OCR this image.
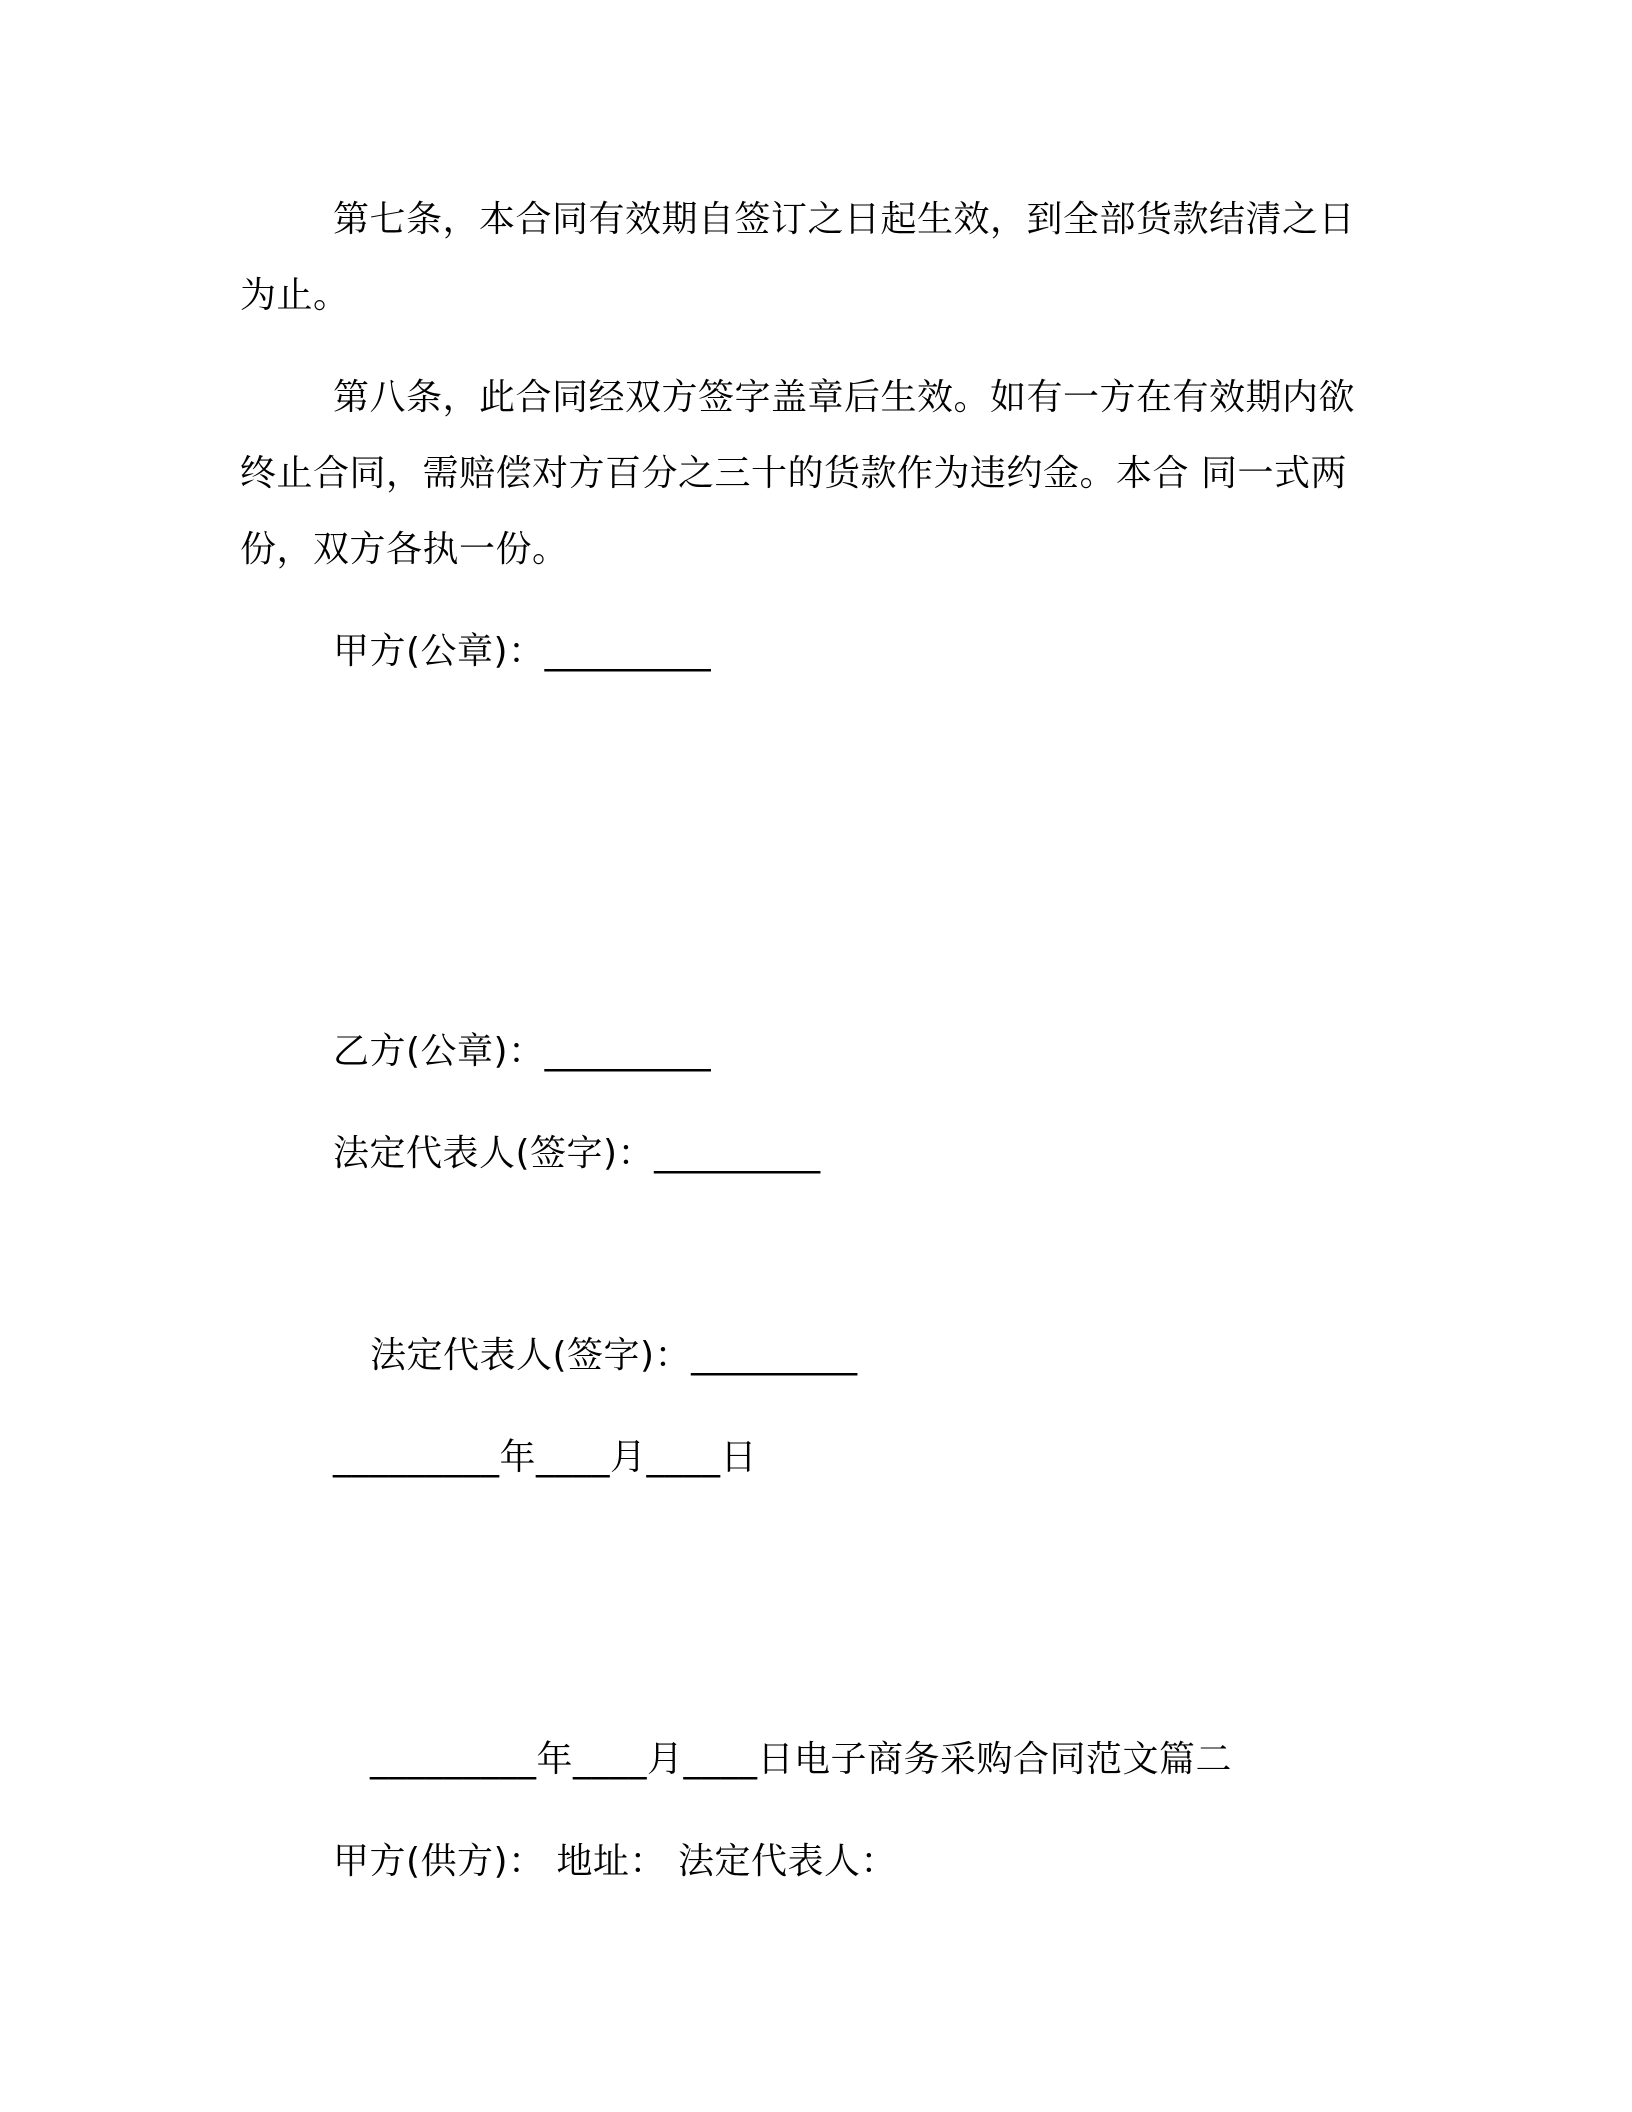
第七条，本合同有效期自签订之日起生效，到全部货款结清之日
为止。
第八条，此合同经双方签字盖章后生效。如有一方在有效期内欲
终止合同，需赔偿对方百分之三十的货款作为违约金。本合 同一式两
份，双方各执一份。
甲方(公章)：_________
乙方(公章)：_________
法定代表人(签字)：_________
法定代表人(签字)：_________
_________年____月____日
_________年____月____日电子商务采购合同范文篇二
甲方(供方)： 地址： 法定代表人：
